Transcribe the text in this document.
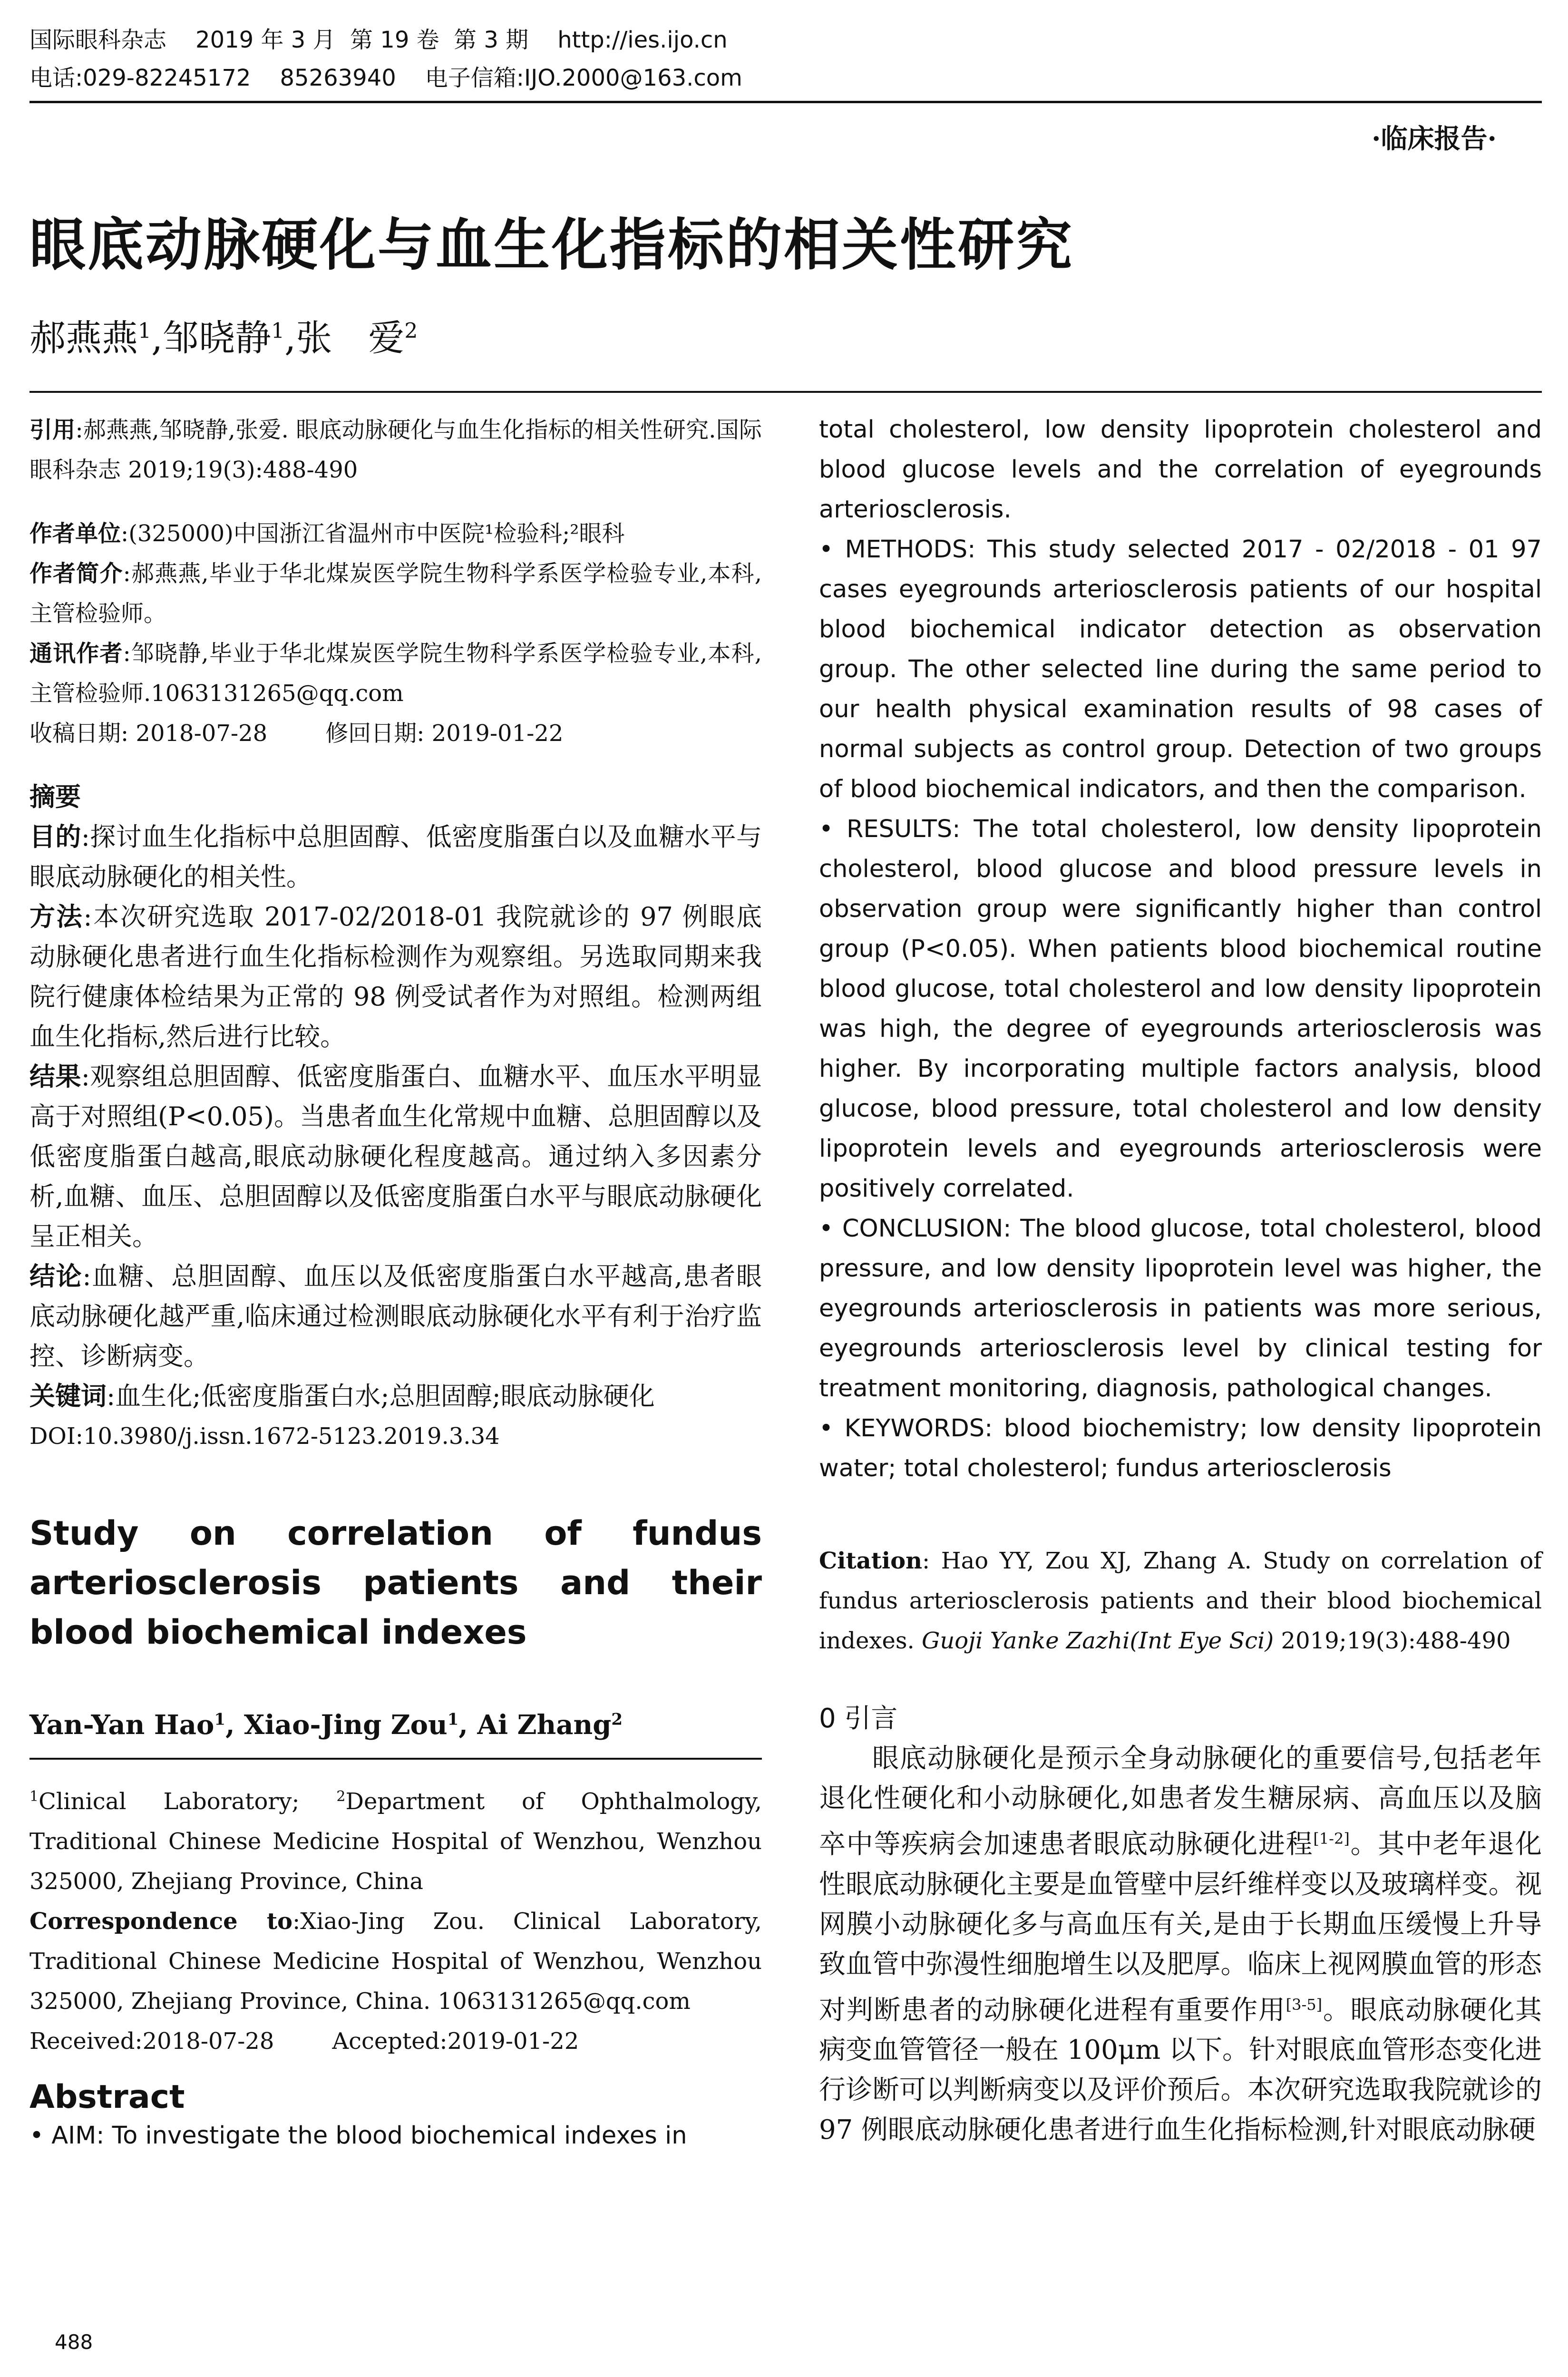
国际眼科杂志    2019 年 3 月  第 19 卷  第 3 期    http://ies.ijo.cn
电话:029-82245172    85263940    电子信箱:IJO.2000@163.com
·临床报告·
眼底动脉硬化与血生化指标的相关性研究
郝燕燕$^1$,邹晓静$^1$,张　爱$^2$

引用:郝燕燕,邹晓静,张爱. 眼底动脉硬化与血生化指标的相关性研究.国际眼科杂志 2019;19(3):488-490

作者单位:(325000)中国浙江省温州市中医院¹检验科;²眼科

作者简介:郝燕燕,毕业于华北煤炭医学院生物科学系医学检验专业,本科,主管检验师。

通讯作者:邹晓静,毕业于华北煤炭医学院生物科学系医学检验专业,本科,主管检验师.1063131265@qq.com

收稿日期: 2018-07-28        修回日期: 2019-01-22

摘要

目的:探讨血生化指标中总胆固醇、低密度脂蛋白以及血糖水平与眼底动脉硬化的相关性。

方法:本次研究选取 2017-02/2018-01 我院就诊的 97 例眼底动脉硬化患者进行血生化指标检测作为观察组。另选取同期来我院行健康体检结果为正常的 98 例受试者作为对照组。检测两组血生化指标,然后进行比较。

结果:观察组总胆固醇、低密度脂蛋白、血糖水平、血压水平明显高于对照组(P<0.05)。当患者血生化常规中血糖、总胆固醇以及低密度脂蛋白越高,眼底动脉硬化程度越高。通过纳入多因素分析,血糖、血压、总胆固醇以及低密度脂蛋白水平与眼底动脉硬化呈正相关。

结论:血糖、总胆固醇、血压以及低密度脂蛋白水平越高,患者眼底动脉硬化越严重,临床通过检测眼底动脉硬化水平有利于治疗监控、诊断病变。

关键词:血生化;低密度脂蛋白水;总胆固醇;眼底动脉硬化

DOI:10.3980/j.issn.1672-5123.2019.3.34

Study on correlation of fundus arteriosclerosis patients and their blood biochemical indexes

Yan-Yan Hao$^1$, Xiao-Jing Zou$^1$, Ai Zhang$^2$

$^1$Clinical Laboratory; $^2$Department of Ophthalmology, Traditional Chinese Medicine Hospital of Wenzhou, Wenzhou 325000, Zhejiang Province, China

Correspondence to:Xiao-Jing Zou. Clinical Laboratory, Traditional Chinese Medicine Hospital of Wenzhou, Wenzhou 325000, Zhejiang Province, China. 1063131265@qq.com

Received:2018-07-28        Accepted:2019-01-22

Abstract

• AIM: To investigate the blood biochemical indexes in

total cholesterol, low density lipoprotein cholesterol and blood glucose levels and the correlation of eyegrounds arteriosclerosis.

• METHODS: This study selected 2017 - 02/2018 - 01 97 cases eyegrounds arteriosclerosis patients of our hospital blood biochemical indicator detection as observation group. The other selected line during the same period to our health physical examination results of 98 cases of normal subjects as control group. Detection of two groups of blood biochemical indicators, and then the comparison.

• RESULTS: The total cholesterol, low density lipoprotein cholesterol, blood glucose and blood pressure levels in observation group were significantly higher than control group (P<0.05). When patients blood biochemical routine blood glucose, total cholesterol and low density lipoprotein was high, the degree of eyegrounds arteriosclerosis was higher. By incorporating multiple factors analysis, blood glucose, blood pressure, total cholesterol and low density lipoprotein levels and eyegrounds arteriosclerosis were positively correlated.

• CONCLUSION: The blood glucose, total cholesterol, blood pressure, and low density lipoprotein level was higher, the eyegrounds arteriosclerosis in patients was more serious, eyegrounds arteriosclerosis level by clinical testing for treatment monitoring, diagnosis, pathological changes.

• KEYWORDS: blood biochemistry; low density lipoprotein water; total cholesterol; fundus arteriosclerosis

Citation: Hao YY, Zou XJ, Zhang A. Study on correlation of fundus arteriosclerosis patients and their blood biochemical indexes. Guoji Yanke Zazhi(Int Eye Sci) 2019;19(3):488-490

0 引言

眼底动脉硬化是预示全身动脉硬化的重要信号,包括老年退化性硬化和小动脉硬化,如患者发生糖尿病、高血压以及脑卒中等疾病会加速患者眼底动脉硬化进程[1-2]。其中老年退化性眼底动脉硬化主要是血管壁中层纤维样变以及玻璃样变。视网膜小动脉硬化多与高血压有关,是由于长期血压缓慢上升导致血管中弥漫性细胞增生以及肥厚。临床上视网膜血管的形态对判断患者的动脉硬化进程有重要作用[3-5]。眼底动脉硬化其病变血管管径一般在 100μm 以下。针对眼底血管形态变化进行诊断可以判断病变以及评价预后。本次研究选取我院就诊的 97 例眼底动脉硬化患者进行血生化指标检测,针对眼底动脉硬

488
